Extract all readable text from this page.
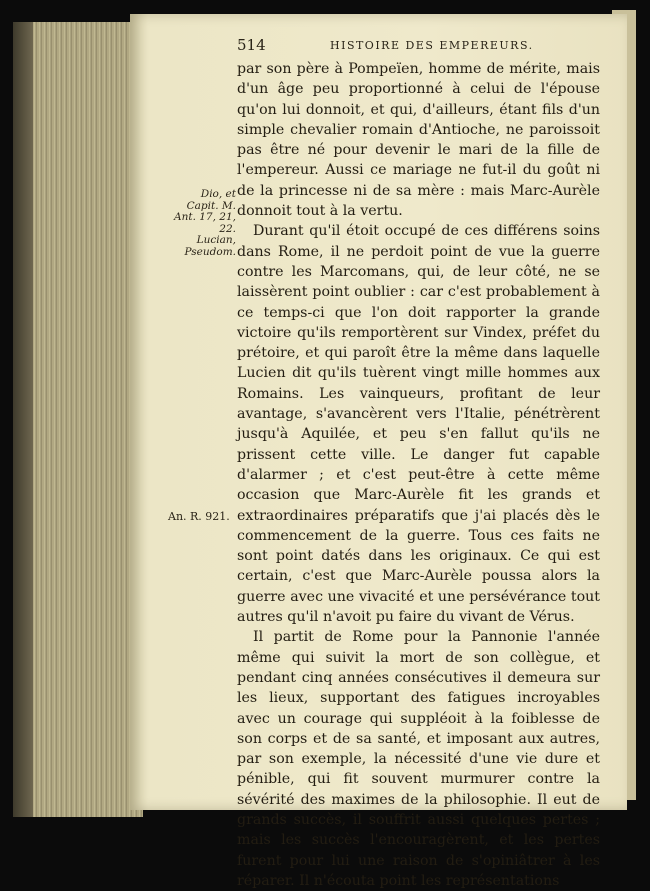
514	HISTOIRE DES EMPEREURS.
Dio, et
Capit. M.
Ant. 17, 21,
22.
Lucian,
Pseudom.
An. R. 921.

par son père à Pompeïen, homme de mérite, mais d'un âge peu proportionné à celui de l'épouse qu'on lui donnoit, et qui, d'ailleurs, étant fils d'un simple chevalier romain d'Antioche, ne paroissoit pas être né pour devenir le mari de la fille de l'empereur. Aussi ce mariage ne fut-il du goût ni de la princesse ni de sa mère : mais Marc-Aurèle donnoit tout à la vertu.

Durant qu'il étoit occupé de ces différens soins dans Rome, il ne perdoit point de vue la guerre contre les Marcomans, qui, de leur côté, ne se laissèrent point oublier : car c'est probablement à ce temps-ci que l'on doit rapporter la grande victoire qu'ils remportèrent sur Vindex, préfet du prétoire, et qui paroît être la même dans laquelle Lucien dit qu'ils tuèrent vingt mille hommes aux Romains. Les vainqueurs, profitant de leur avantage, s'avancèrent vers l'Italie, pénétrèrent jusqu'à Aquilée, et peu s'en fallut qu'ils ne prissent cette ville. Le danger fut capable d'alarmer ; et c'est peut-être à cette même occasion que Marc-Aurèle fit les grands et extraordinaires préparatifs que j'ai placés dès le commencement de la guerre. Tous ces faits ne sont point datés dans les originaux. Ce qui est certain, c'est que Marc-Aurèle poussa alors la guerre avec une vivacité et une persévérance tout autres qu'il n'avoit pu faire du vivant de Vérus.

Il partit de Rome pour la Pannonie l'année même qui suivit la mort de son collègue, et pendant cinq années consécutives il demeura sur les lieux, supportant des fatigues incroyables avec un courage qui suppléoit à la foiblesse de son corps et de sa santé, et imposant aux autres, par son exemple, la nécessité d'une vie dure et pénible, qui fit souvent murmurer contre la sévérité des maximes de la philosophie. Il eut de grands succès, il souffrit aussi quelques pertes ; mais les succès l'encouragèrent, et les pertes furent pour lui une raison de s'opiniâtrer à les réparer. Il n'écouta point les représentations
